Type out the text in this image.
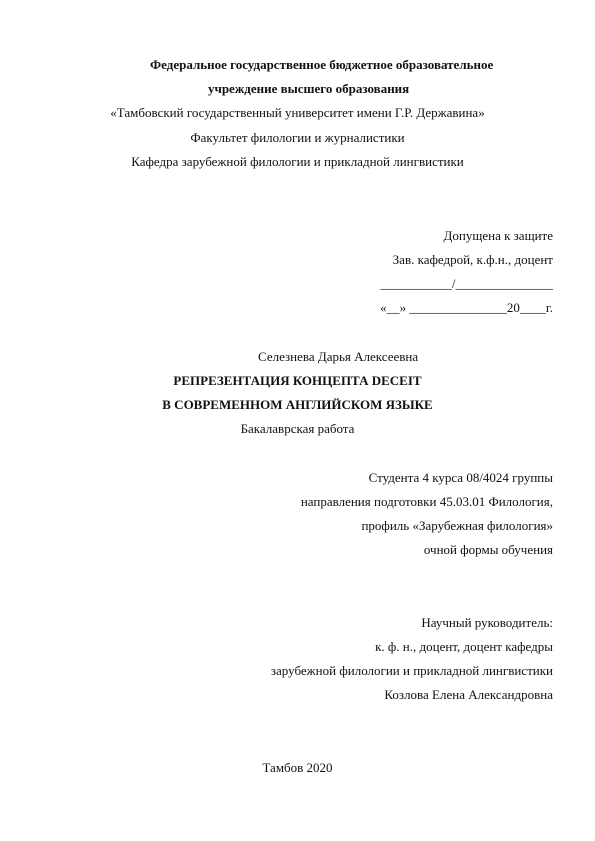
Федеральное государственное бюджетное образовательное
учреждение высшего образования
«Тамбовский государственный университет имени Г.Р. Державина»
Факультет филологии и журналистики
Кафедра зарубежной филологии и прикладной лингвистики
Допущена к защите
Зав. кафедрой, к.ф.н., доцент
___________/_______________
«__» _______________20____г.
Селезнева Дарья Алексеевна
РЕПРЕЗЕНТАЦИЯ КОНЦЕПТА DECEIT
В СОВРЕМЕННОМ АНГЛИЙСКОМ ЯЗЫКЕ
Бакалаврская работа
Студента 4 курса 08/4024 группы
направления подготовки 45.03.01 Филология,
профиль «Зарубежная филология»
очной формы обучения
Научный руководитель:
к. ф. н., доцент, доцент кафедры
зарубежной филологии и прикладной лингвистики
Козлова Елена Александровна
Тамбов 2020
